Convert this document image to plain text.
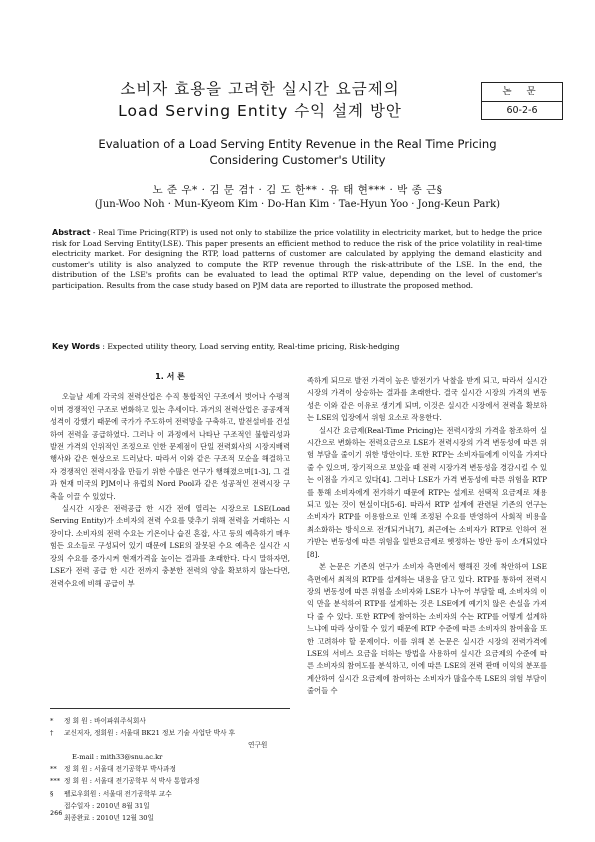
소비자 효용을 고려한 실시간 요금제의
Load Serving Entity 수익 설계 방안
논 문
60-2-6
Evaluation of a Load Serving Entity Revenue in the Real Time Pricing
Considering Customer's Utility
노 준 우* · 김 문 겸† · 김 도 한** · 유 태 현*** · 박 종 근§
(Jun-Woo Noh · Mun-Kyeom Kim · Do-Han Kim · Tae-Hyun Yoo · Jong-Keun Park)
Abstract - Real Time Pricing(RTP) is used not only to stabilize the price volatility in electricity market, but to hedge the price risk for Load Serving Entity(LSE). This paper presents an efficient method to reduce the risk of the price volatility in real-time electricity market. For designing the RTP, load patterns of customer are calculated by applying the demand elasticity and customer's utility is also analyzed to compute the RTP revenue through the risk-attribute of the LSE. In the end, the distribution of the LSE's profits can be evaluated to lead the optimal RTP value, depending on the level of customer's participation. Results from the case study based on PJM data are reported to illustrate the proposed method.
Key Words : Expected utility theory, Load serving entity, Real-time pricing, Risk-hedging
1. 서 론

오늘날 세계 각국의 전력산업은 수직 통합적인 구조에서 벗어나 수평적이며 경쟁적인 구조로 변화하고 있는 추세이다. 과거의 전력산업은 공공재적 성격이 강했기 때문에 국가가 주도하여 전력망을 구축하고, 발전설비를 건설하여 전력을 공급하였다. 그러나 이 과정에서 나타난 구조적인 불합리성과 발전 가격의 인위적인 조정으로 인한 문제점이 단일 전력회사의 시장지배력 행사와 같은 현상으로 드러났다. 따라서 이와 같은 구조적 모순을 해결하고자 경쟁적인 전력시장을 만들기 위한 수많은 연구가 행해졌으며[1-3], 그 결과 현재 미국의 PJM이나 유럽의 Nord Pool과 같은 성공적인 전력시장 구축을 이끌 수 있었다.

실시간 시장은 전력공급 한 시간 전에 열리는 시장으로 LSE(Load Serving Entity)가 소비자의 전력 수요를 맞추기 위해 전력을 거래하는 시장이다. 소비자의 전력 수요는 기온이나 습진 혼잡, 사고 등의 예측하기 매우 힘든 요소들로 구성되어 있기 때문에 LSE의 잘못된 수요 예측은 실시간 시장의 수요를 증가시켜 현재가격을 높이는 결과를 초래한다. 다시 말하자면, LSE가 전력 공급 한 시간 전까지 충분한 전력의 양을 확보하지 않는다면, 전력수요에 비해 공급이 부

족하게 되므로 발전 가격이 높은 발전기가 낙찰을 받게 되고, 따라서 실시간 시장의 가격이 상승하는 결과를 초래한다. 결국 실시간 시장의 가격의 변동성은 이와 같은 이유로 생기게 되며, 이것은 실시간 시장에서 전력을 확보하는 LSE의 입장에서 위험 요소로 작용한다.

실시간 요금제(Real-Time Pricing)는 전력시장의 가격을 참조하여 실시간으로 변화하는 전력요금으로 LSE가 전력시장의 가격 변동성에 따른 위험 부담을 줄이기 위한 방안이다. 또한 RTP는 소비자들에게 이익을 가져다 줄 수 있으며, 장기적으로 보았을 때 전력 시장가격 변동성을 경감시킬 수 있는 이점을 가지고 있다[4]. 그러나 LSE가 가격 변동성에 따른 위험을 RTP를 통해 소비자에게 전가하기 때문에 RTP는 설계로 선택적 요금제로 채용되고 있는 것이 현실이다[5-6]. 따라서 RTP 설계에 관련된 기존의 연구는 소비자가 RTP를 이용함으로 인해 조정된 수요를 반영하여 사회적 비용을 최소화하는 방식으로 전개되거나[7], 최근에는 소비자가 RTP로 인하여 전가받는 변동성에 따른 위험을 일반요금제로 헷정하는 방안 등이 소개되었다[8].

본 논문은 기존의 연구가 소비자 측면에서 행해진 것에 착안하여 LSE 측면에서 최적의 RTP를 설계하는 내용을 담고 있다. RTP를 통하여 전력시장의 변동성에 따른 위험을 소비자와 LSE가 나누어 부담할 때, 소비자의 이익 만을 분석하여 RTP를 설계하는 것은 LSE에게 예기치 않은 손실을 가져다 줄 수 있다. 또한 RTP에 참여하는 소비자의 수는 RTP를 어떻게 설계하느냐에 따라 상이할 수 있기 때문에 RTP 수준에 따른 소비자의 참여율을 또한 고려하야 할 문제이다. 이를 위해 본 논문은 실시간 시장의 전력가격에 LSE의 서비스 요금을 더하는 방법을 사용하여 실시간 요금제의 수준에 따른 소비자의 참여도를 분석하고, 이에 따른 LSE의 전력 판매 이익의 분포를 계산하여 실시간 요금제에 참여하는 소비자가 많을수록 LSE의 위험 부담이 줄어들 수

*	정 회 원 : 바이파워주식회사
†	교신저자, 정회원 : 서울대 BK21 정보 기술 사업단 박사 후
연구원
E-mail : mith33@snu.ac.kr
**	정 회 원 : 서울대 전기공학부 박사과정
*** 정 회 원 : 서울대 전기공학부 석 박사 통합과정
§	펠로우회원 : 서울대 전기공학부 교수
접수일자 : 2010년 8월 31일
최종완료 : 2010년 12월 30일
266
